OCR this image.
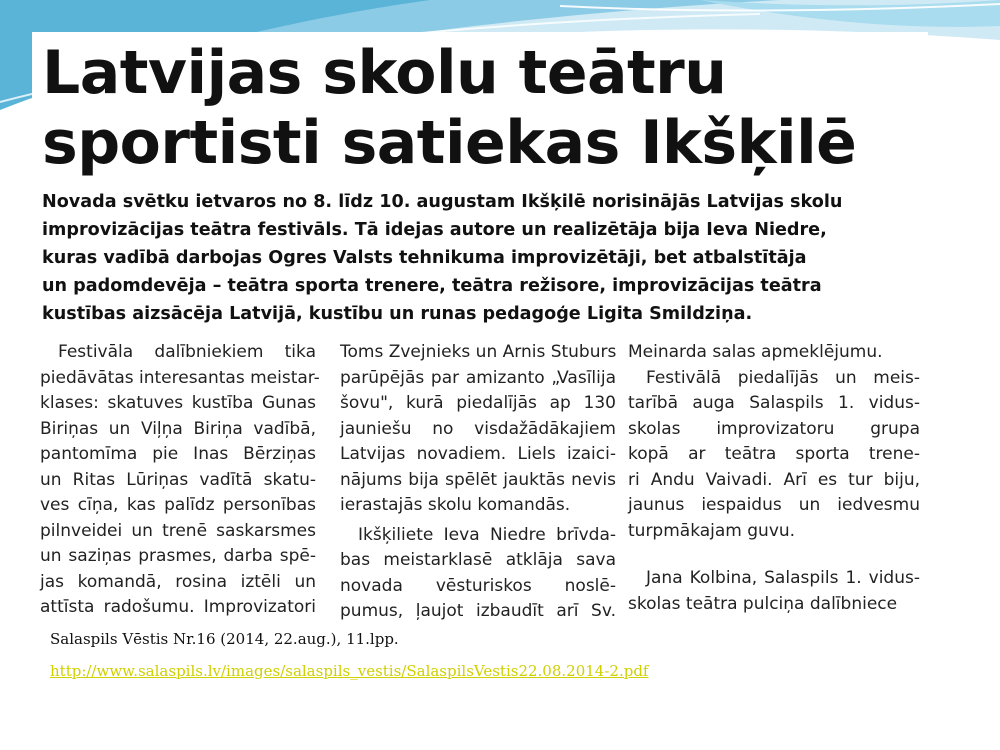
Latvijas skolu teātru
sportisti satiekas Ikšķilē

Novada svētku ietvaros no 8. līdz 10. augustam Ikšķilē norisinājās Latvijas skolu
improvizācijas teātra festivāls. Tā idejas autore un realizētāja bija Ieva Niedre,
kuras vadībā darbojas Ogres Valsts tehnikuma improvizētāji, bet atbalstītāja
un padomdevēja – teātra sporta trenere, teātra režisore, improvizācijas teātra
kustības aizsācēja Latvijā, kustību un runas pedagoģe Ligita Smildziņa.

Festivāla dalībniekiem tika
piedāvātas interesantas meistar-
klases: skatuves kustība Gunas
Biriņas un Viļņa Biriņa vadībā,
pantomīma pie Inas Bērziņas
un Ritas Lūriņas vadītā skatu-
ves cīņa, kas palīdz personības
pilnveidei un trenē saskarsmes
un saziņas prasmes, darba spē-
jas komandā, rosina iztēli un
attīsta radošumu. Improvizatori
Toms Zvejnieks un Arnis Stuburs
parūpējās par amizanto „Vasīlija
šovu", kurā piedalījās ap 130
jauniešu no visdažādākajiem
Latvijas novadiem. Liels izaici-
nājums bija spēlēt jauktās nevis
ierastajās skolu komandās.
Ikšķiliete Ieva Niedre brīvda-
bas meistarklasē atklāja sava
novada vēsturiskos noslē-
pumus, ļaujot izbaudīt arī Sv.
Meinarda salas apmeklējumu.
Festivālā piedalījās un meis-
tarībā auga Salaspils 1. vidus-
skolas improvizatoru grupa
kopā ar teātra sporta trene-
ri Andu Vaivadi. Arī es tur biju,
jaunus iespaidus un iedvesmu
turpmākajam guvu.
Jana Kolbina, Salaspils 1. vidus-
skolas teātra pulciņa dalībniece

Salaspils Vēstis Nr.16 (2014, 22.aug.), 11.lpp.

http://www.salaspils.lv/images/salaspils_vestis/SalaspilsVestis22.08.2014-2.pdf
